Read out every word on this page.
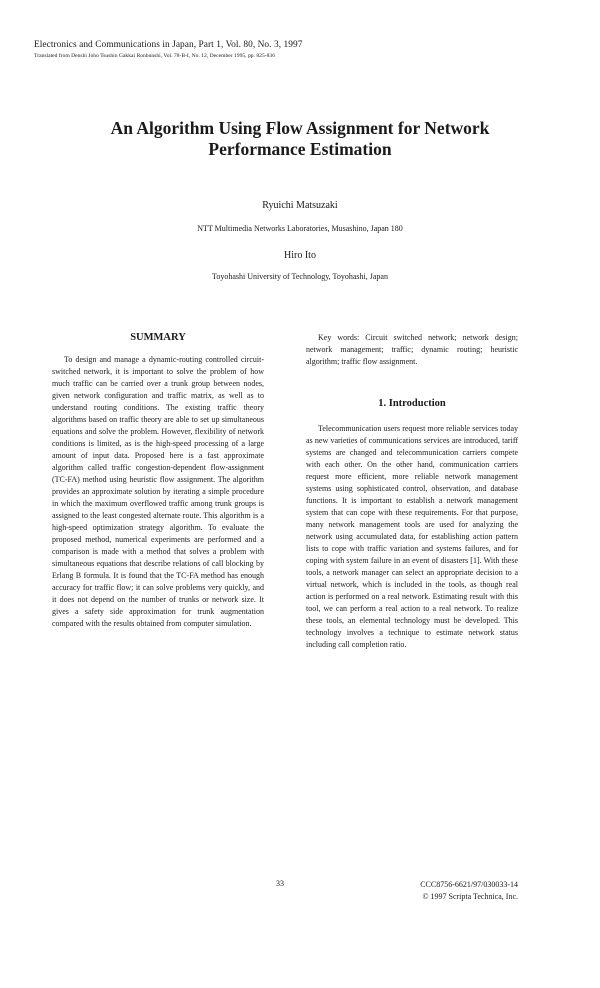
Electronics and Communications in Japan, Part 1, Vol. 80, No. 3, 1997
Translated from Denshi Joho Tsushin Gakkai Ronbunshi, Vol. 78-B-I, No. 12, December 1995, pp. 825-836
An Algorithm Using Flow Assignment for Network
Performance Estimation
Ryuichi Matsuzaki
NTT Multimedia Networks Laboratories, Musashino, Japan 180
Hiro Ito
Toyohashi University of Technology, Toyohashi, Japan
SUMMARY

To design and manage a dynamic-routing controlled circuit-switched network, it is important to solve the problem of how much traffic can be carried over a trunk group between nodes, given network configuration and traffic matrix, as well as to understand routing conditions. The existing traffic theory algorithms based on traffic theory are able to set up simultaneous equations and solve the problem. However, flexibility of network conditions is limited, as is the high-speed processing of a large amount of input data. Proposed here is a fast approximate algorithm called traffic congestion-dependent flow-assignment (TC-FA) method using heuristic flow assignment. The algorithm provides an approximate solution by iterating a simple procedure in which the maximum overflowed traffic among trunk groups is assigned to the least congested alternate route. This algorithm is a high-speed optimization strategy algorithm. To evaluate the proposed method, numerical experiments are performed and a comparison is made with a method that solves a problem with simultaneous equations that describe relations of call blocking by Erlang B formula. It is found that the TC-FA method has enough accuracy for traffic flow; it can solve problems very quickly, and it does not depend on the number of trunks or network size. It gives a safety side approximation for trunk augmentation compared with the results obtained from computer simulation.

Key words: Circuit switched network; network design; network management; traffic; dynamic routing; heuristic algorithm; traffic flow assignment.

1. Introduction

Telecommunication users request more reliable services today as new varieties of communications services are introduced, tariff systems are changed and telecommunication carriers compete with each other. On the other hand, communication carriers request more efficient, more reliable network management systems using sophisticated control, observation, and database functions. It is important to establish a network management system that can cope with these requirements. For that purpose, many network management tools are used for analyzing the network using accumulated data, for establishing action pattern lists to cope with traffic variation and systems failures, and for coping with system failure in an event of disasters [1]. With these tools, a network manager can select an appropriate decision to a virtual network, which is included in the tools, as though real action is performed on a real network. Estimating result with this tool, we can perform a real action to a real network. To realize these tools, an elemental technology must be developed. This technology involves a technique to estimate network status including call completion ratio.

33	CCC8756-6621/97/030033-14
© 1997 Scripta Technica, Inc.
